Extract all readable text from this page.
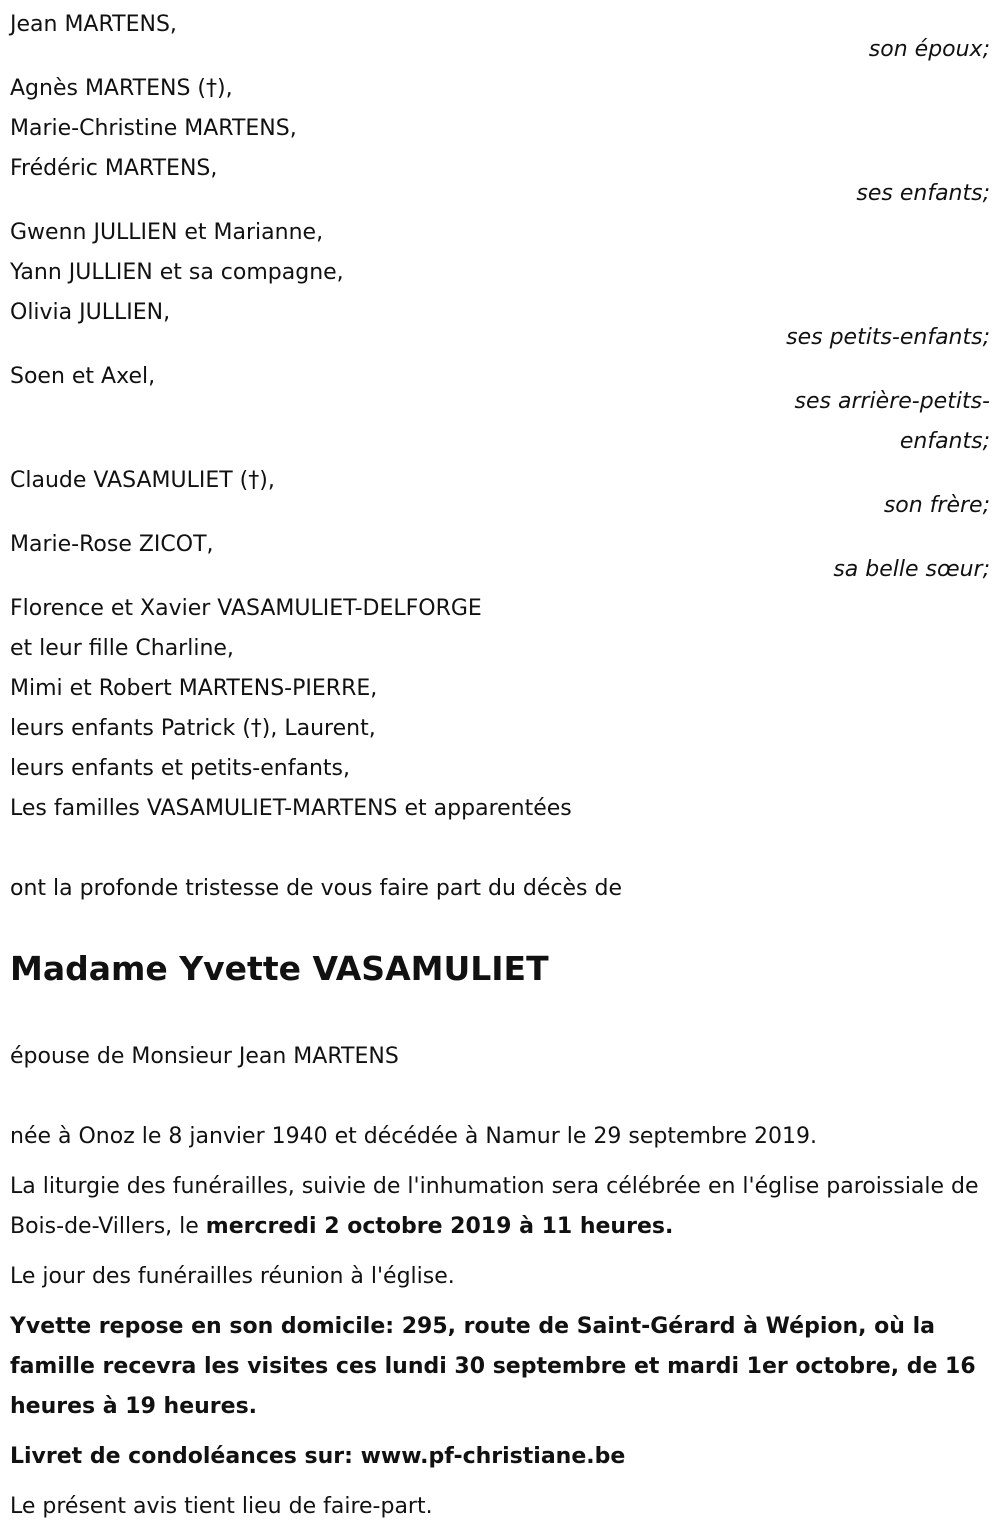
Jean MARTENS,
son époux;
Agnès MARTENS (†),
Marie-Christine MARTENS,
Frédéric MARTENS,
ses enfants;
Gwenn JULLIEN et Marianne,
Yann JULLIEN et sa compagne,
Olivia JULLIEN,
ses petits-enfants;
Soen et Axel,
ses arrière-petits-enfants;
Claude VASAMULIET (†),
son frère;
Marie-Rose ZICOT,
sa belle sœur;
Florence et Xavier VASAMULIET-DELFORGE
et leur fille Charline,
Mimi et Robert MARTENS-PIERRE,
leurs enfants Patrick (†), Laurent,
leurs enfants et petits-enfants,
Les familles VASAMULIET-MARTENS et apparentées
ont la profonde tristesse de vous faire part du décès de
Madame Yvette VASAMULIET
épouse de Monsieur Jean MARTENS
née à Onoz le 8 janvier 1940 et décédée à Namur le 29 septembre 2019.
La liturgie des funérailles, suivie de l'inhumation sera célébrée en l'église paroissiale de Bois-de-Villers, le mercredi 2 octobre 2019 à 11 heures.
Le jour des funérailles réunion à l'église.
Yvette repose en son domicile: 295, route de Saint-Gérard à Wépion, où la famille recevra les visites ces lundi 30 septembre et mardi 1er octobre, de 16 heures à 19 heures.
Livret de condoléances sur: www.pf-christiane.be
Le présent avis tient lieu de faire-part.
